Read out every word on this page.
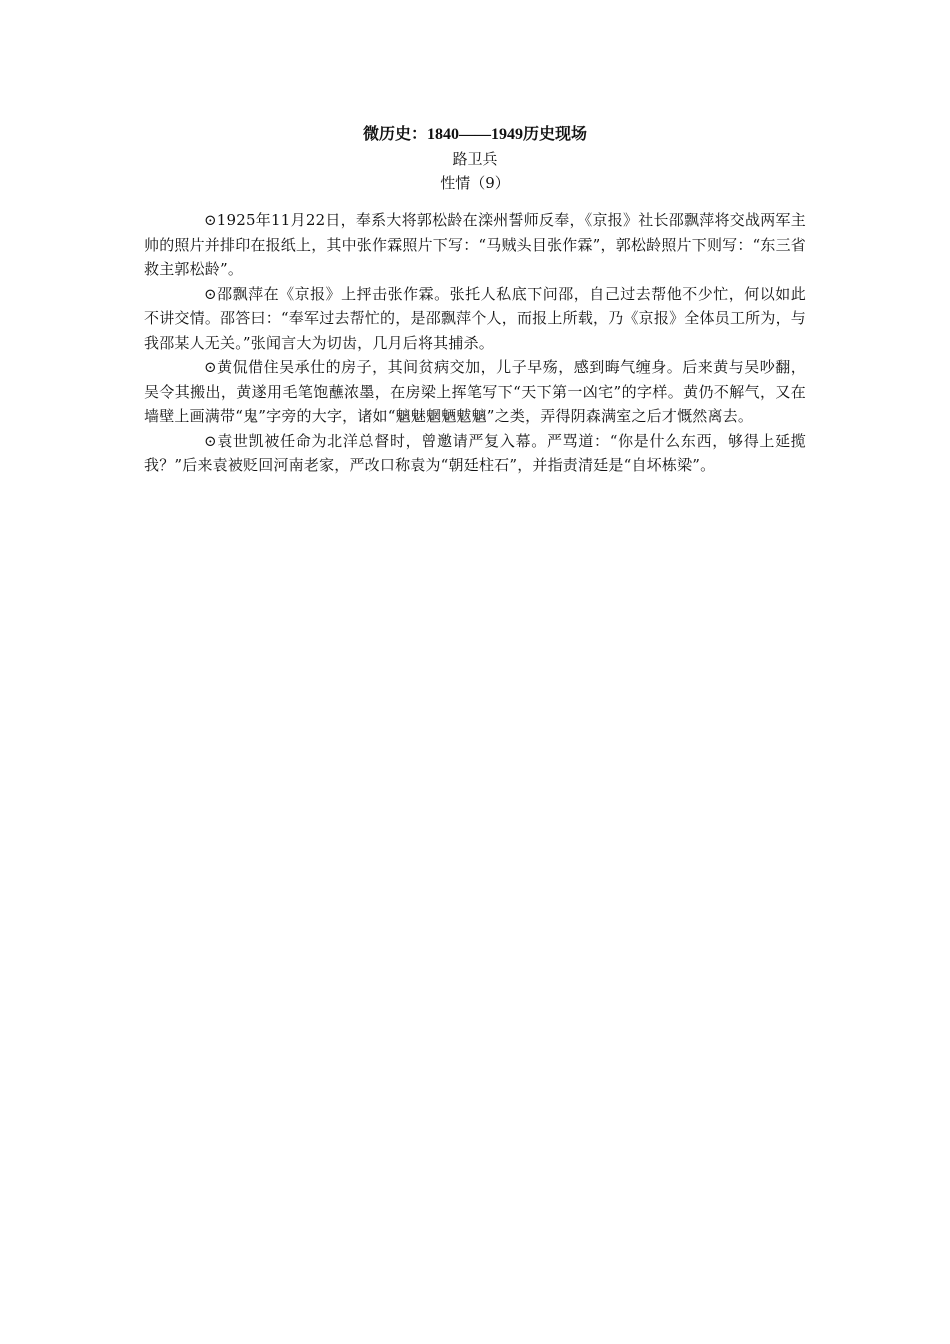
微历史：1840——1949历史现场
路卫兵
性情（9）

⊙1925年11月22日，奉系大将郭松龄在滦州誓师反奉，《京报》社长邵飘萍将交战两军主帅的照片并排印在报纸上，其中张作霖照片下写：“马贼头目张作霖”，郭松龄照片下则写：“东三省救主郭松龄”。

⊙邵飘萍在《京报》上抨击张作霖。张托人私底下问邵，自己过去帮他不少忙，何以如此不讲交情。邵答曰：“奉军过去帮忙的，是邵飘萍个人，而报上所载，乃《京报》全体员工所为，与我邵某人无关。”张闻言大为切齿，几月后将其捕杀。

⊙黄侃借住吴承仕的房子，其间贫病交加，儿子早殇，感到晦气缠身。后来黄与吴吵翻，吴令其搬出，黄遂用毛笔饱蘸浓墨，在房梁上挥笔写下“天下第一凶宅”的字样。黄仍不解气，又在墙壁上画满带“鬼”字旁的大字，诸如“魑魅魍魉魃魑”之类，弄得阴森满室之后才慨然离去。

⊙袁世凯被任命为北洋总督时，曾邀请严复入幕。严骂道：“你是什么东西，够得上延揽我？”后来袁被贬回河南老家，严改口称袁为“朝廷柱石”，并指责清廷是“自坏栋梁”。
